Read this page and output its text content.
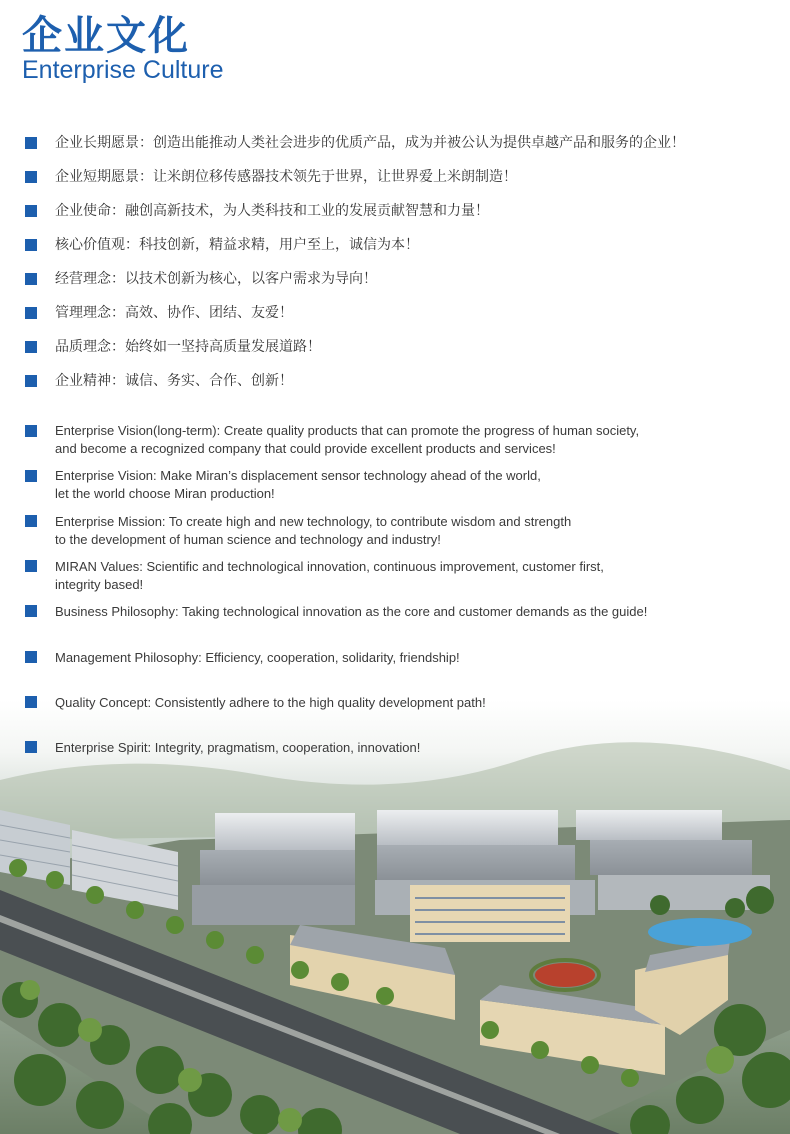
企业文化
Enterprise Culture
企业长期愿景：创造出能推动人类社会进步的优质产品，成为并被公认为提供卓越产品和服务的企业！
企业短期愿景：让米朗位移传感器技术领先于世界，让世界爱上米朗制造！
企业使命：融创高新技术，为人类科技和工业的发展贡献智慧和力量！
核心价值观：科技创新，精益求精，用户至上，诚信为本！
经营理念：以技术创新为核心，以客户需求为导向！
管理理念：高效、协作、团结、友爱！
品质理念：始终如一坚持高质量发展道路！
企业精神：诚信、务实、合作、创新！
Enterprise Vision(long-term): Create quality products that can promote the progress of human society,
and become a recognized company that could provide excellent products and services!
Enterprise Vision: Make Miran’s displacement sensor technology ahead of the world,
let the world choose Miran production!
Enterprise Mission: To create high and new technology, to contribute wisdom and strength
to the development of human science and technology and industry!
MIRAN Values: Scientific and technological innovation, continuous improvement, customer first,
integrity based!
Business Philosophy: Taking technological innovation as the core and customer demands as the guide!
Management Philosophy: Efficiency, cooperation, solidarity, friendship!
Quality Concept: Consistently adhere to the high quality development path!
Enterprise Spirit: Integrity, pragmatism, cooperation, innovation!
